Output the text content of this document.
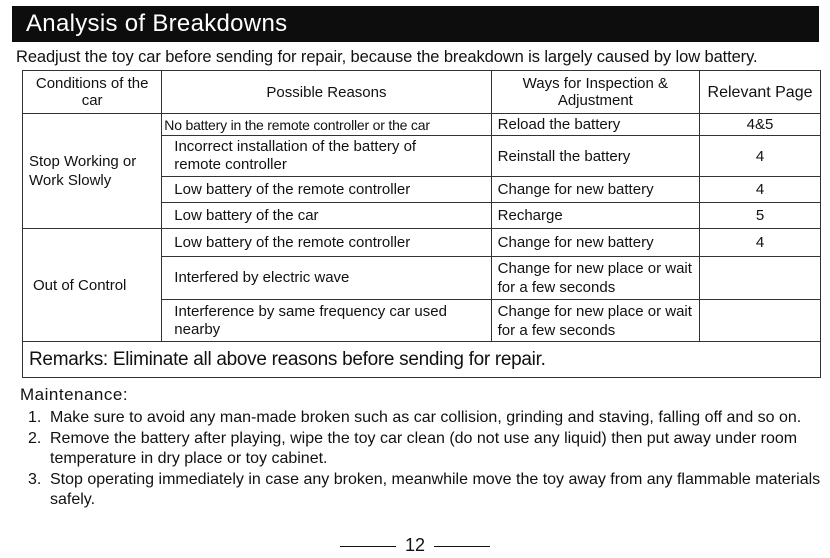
Analysis of Breakdowns
Readjust the toy car before sending for repair, because the breakdown is largely caused by low battery.
Conditions of the car	Possible Reasons	Ways for Inspection & Adjustment	Relevant Page
Stop Working or Work Slowly	No battery in the remote controller or the car	Reload the battery	4&5
	Incorrect installation of the battery of remote controller	Reinstall the battery	4
	Low battery of the remote controller	Change for new battery	4
	Low battery of the car	Recharge	5
Out of Control	Low battery of the remote controller	Change for new battery	4
	Interfered by electric wave	Change for new place or wait for a few seconds	
	Interference by same frequency car used nearby	Change for new place or wait for a few seconds	
Remarks: Eliminate all above reasons before sending for repair.			
Maintenance:
1. Make sure to avoid any man-made broken such as car collision, grinding and staving, falling off and so on.
2. Remove the battery after playing, wipe the toy car clean (do not use any liquid) then put away under room temperature in dry place or toy cabinet.
3. Stop operating immediately in case any broken, meanwhile move the toy away from any flammable materials safely.
12
